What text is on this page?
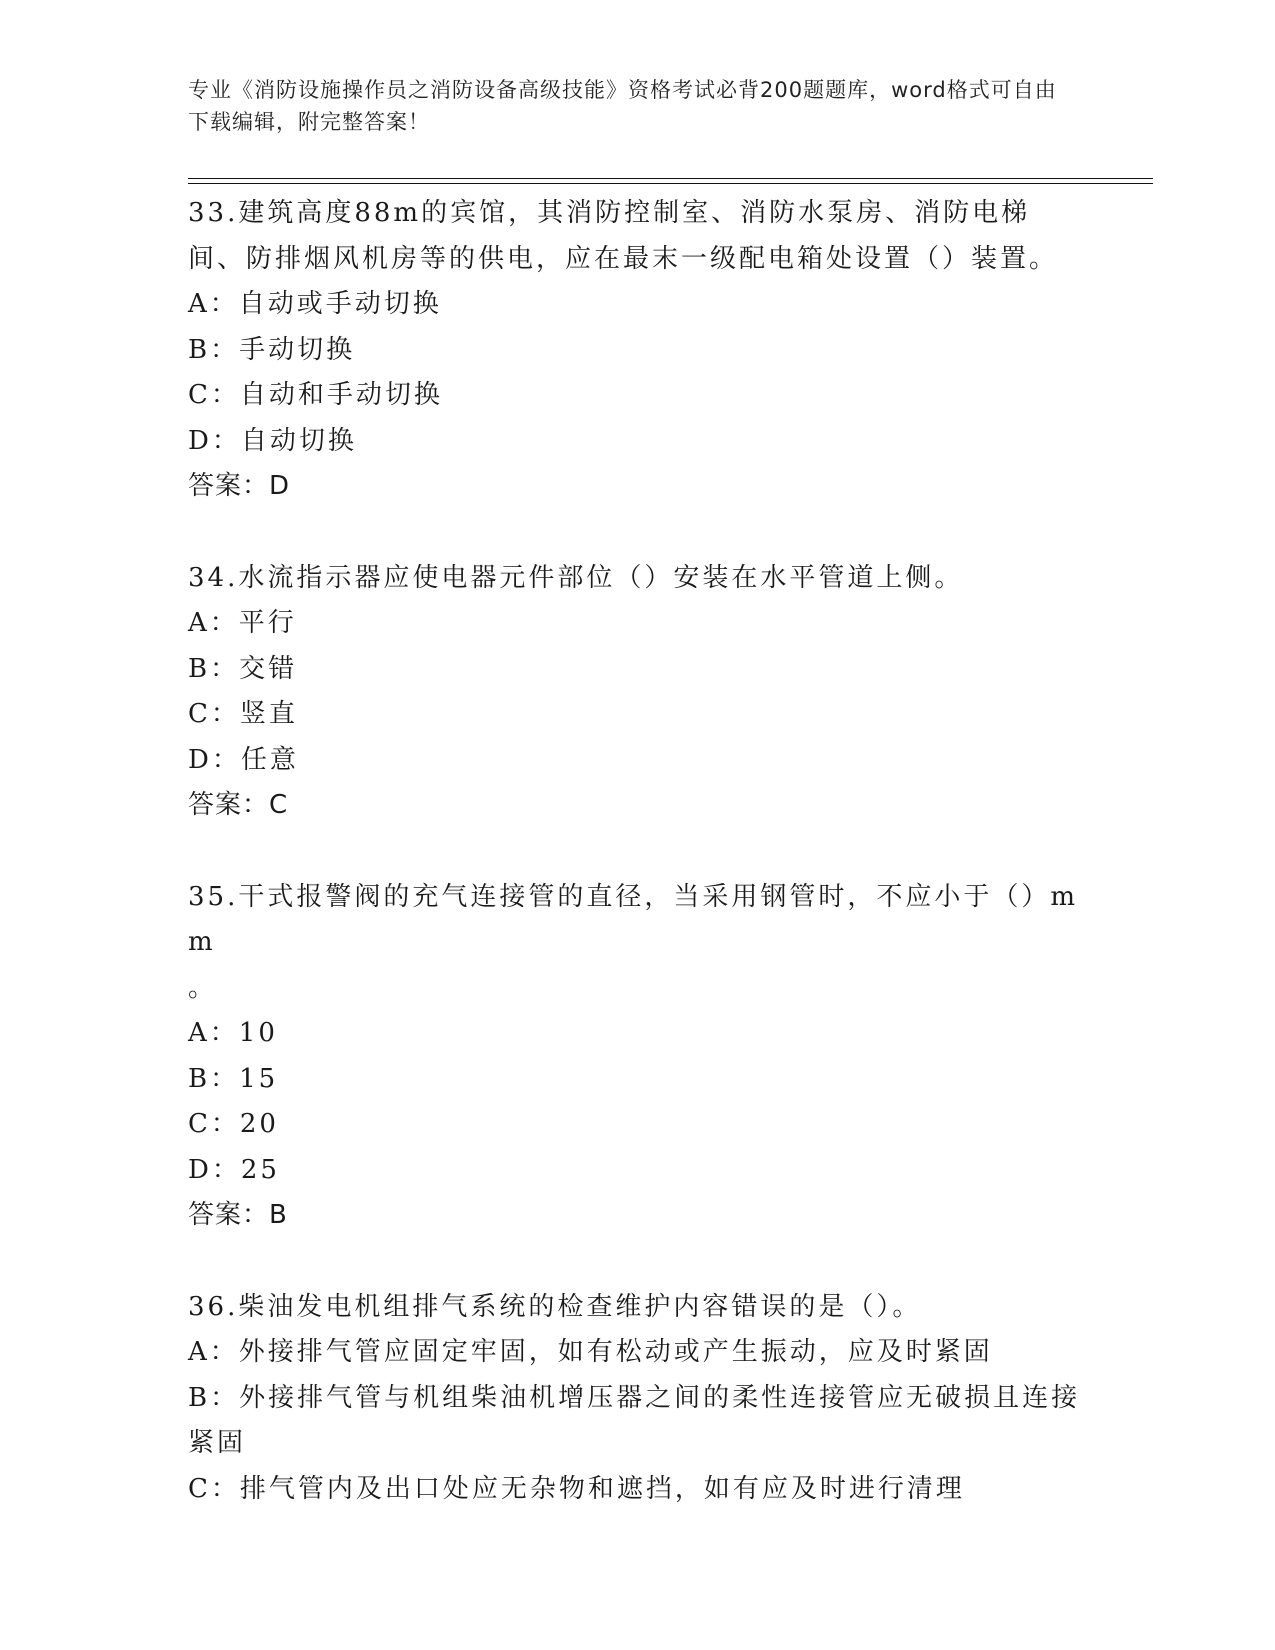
专业《消防设施操作员之消防设备高级技能》资格考试必背200题题库，word格式可自由下载编辑，附完整答案！
33.建筑高度88m的宾馆，其消防控制室、消防水泵房、消防电梯间、防排烟风机房等的供电，应在最末一级配电箱处设置（）装置。
A：自动或手动切换
B：手动切换
C：自动和手动切换
D：自动切换
答案：D
34.水流指示器应使电器元件部位（）安装在水平管道上侧。
A：平行
B：交错
C：竖直
D：任意
答案：C
35.干式报警阀的充气连接管的直径，当采用钢管时，不应小于（）mm
。
A：10
B：15
C：20
D：25
答案：B
36.柴油发电机组排气系统的检查维护内容错误的是（）。
A：外接排气管应固定牢固，如有松动或产生振动，应及时紧固
B：外接排气管与机组柴油机增压器之间的柔性连接管应无破损且连接紧固
C：排气管内及出口处应无杂物和遮挡，如有应及时进行清理
